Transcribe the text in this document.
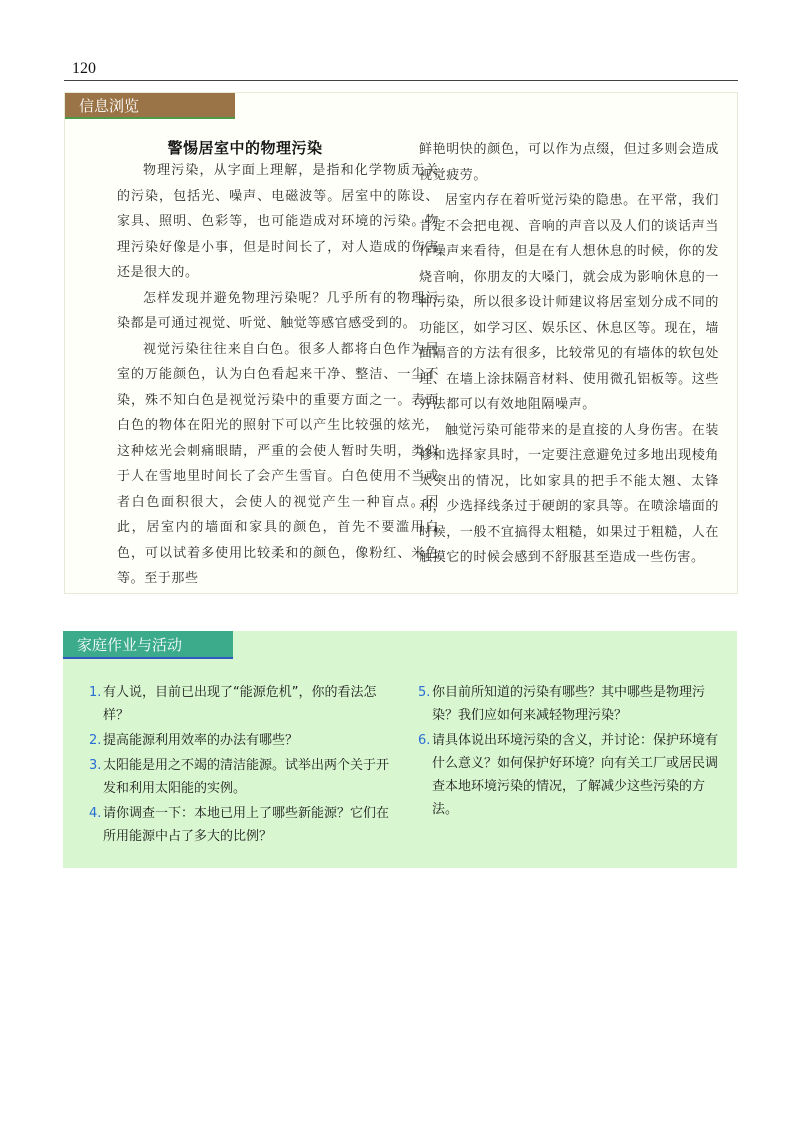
120
信息浏览
警惕居室中的物理污染

物理污染，从字面上理解，是指和化学物质无关的污染，包括光、噪声、电磁波等。居室中的陈设、家具、照明、色彩等，也可能造成对环境的污染。物理污染好像是小事，但是时间长了，对人造成的伤害还是很大的。

怎样发现并避免物理污染呢？几乎所有的物理污染都是可通过视觉、听觉、触觉等感官感受到的。

视觉污染往往来自白色。很多人都将白色作为居室的万能颜色，认为白色看起来干净、整洁、一尘不染，殊不知白色是视觉污染中的重要方面之一。表面白色的物体在阳光的照射下可以产生比较强的炫光，这种炫光会刺痛眼睛，严重的会使人暂时失明，类似于人在雪地里时间长了会产生雪盲。白色使用不当或者白色面积很大，会使人的视觉产生一种盲点。因此，居室内的墙面和家具的颜色，首先不要滥用白色，可以试着多使用比较柔和的颜色，像粉红、米色等。至于那些

鲜艳明快的颜色，可以作为点缀，但过多则会造成视觉疲劳。

居室内存在着听觉污染的隐患。在平常，我们肯定不会把电视、音响的声音以及人们的谈话声当作噪声来看待，但是在有人想休息的时候，你的发烧音响，你朋友的大嗓门，就会成为影响休息的一种污染，所以很多设计师建议将居室划分成不同的功能区，如学习区、娱乐区、休息区等。现在，墙面隔音的方法有很多，比较常见的有墙体的软包处理、在墙上涂抹隔音材料、使用微孔铝板等。这些方法都可以有效地阻隔噪声。

触觉污染可能带来的是直接的人身伤害。在装修和选择家具时，一定要注意避免过多地出现棱角太突出的情况，比如家具的把手不能太翘、太锋利，少选择线条过于硬朗的家具等。在喷涂墙面的时候，一般不宜搞得太粗糙，如果过于粗糙，人在触摸它的时候会感到不舒服甚至造成一些伤害。

家庭作业与活动
1. 有人说，目前已出现了“能源危机”，你的看法怎样？
2. 提高能源利用效率的办法有哪些？
3. 太阳能是用之不竭的清洁能源。试举出两个关于开发和利用太阳能的实例。
4. 请你调查一下：本地已用上了哪些新能源？它们在所用能源中占了多大的比例？
5. 你目前所知道的污染有哪些？其中哪些是物理污染？我们应如何来减轻物理污染？
6. 请具体说出环境污染的含义，并讨论：保护环境有什么意义？如何保护好环境？向有关工厂或居民调查本地环境污染的情况，了解减少这些污染的方法。
